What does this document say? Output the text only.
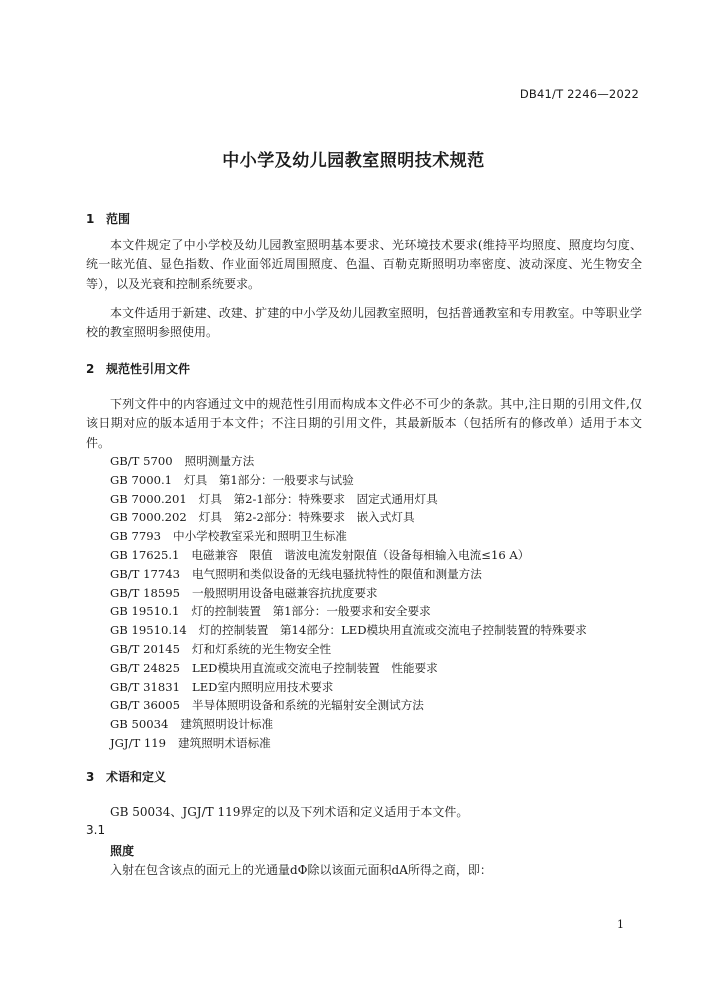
DB41/T 2246—2022
中小学及幼儿园教室照明技术规范
1 范围

本文件规定了中小学校及幼儿园教室照明基本要求、光环境技术要求(维持平均照度、照度均匀度、统一眩光值、显色指数、作业面邻近周围照度、色温、百勒克斯照明功率密度、波动深度、光生物安全等），以及光衰和控制系统要求。

本文件适用于新建、改建、扩建的中小学及幼儿园教室照明，包括普通教室和专用教室。中等职业学校的教室照明参照使用。

2 规范性引用文件

下列文件中的内容通过文中的规范性引用而构成本文件必不可少的条款。其中,注日期的引用文件,仅该日期对应的版本适用于本文件；不注日期的引用文件，其最新版本（包括所有的修改单）适用于本文件。

GB/T 5700 照明测量方法
GB 7000.1 灯具　第1部分：一般要求与试验
GB 7000.201 灯具　第2-1部分：特殊要求　固定式通用灯具
GB 7000.202 灯具　第2-2部分：特殊要求　嵌入式灯具
GB 7793 中小学校教室采光和照明卫生标准
GB 17625.1 电磁兼容　限值　谐波电流发射限值（设备每相输入电流≤16 A）
GB/T 17743 电气照明和类似设备的无线电骚扰特性的限值和测量方法
GB/T 18595 一般照明用设备电磁兼容抗扰度要求
GB 19510.1 灯的控制装置　第1部分：一般要求和安全要求
GB 19510.14 灯的控制装置　第14部分：LED模块用直流或交流电子控制装置的特殊要求
GB/T 20145 灯和灯系统的光生物安全性
GB/T 24825 LED模块用直流或交流电子控制装置　性能要求
GB/T 31831 LED室内照明应用技术要求
GB/T 36005 半导体照明设备和系统的光辐射安全测试方法
GB 50034 建筑照明设计标准
JGJ/T 119 建筑照明术语标准
3 术语和定义

GB 50034、JGJ/T 119界定的以及下列术语和定义适用于本文件。

3.1
照度
入射在包含该点的面元上的光通量dΦ除以该面元面积dA所得之商，即：
1
